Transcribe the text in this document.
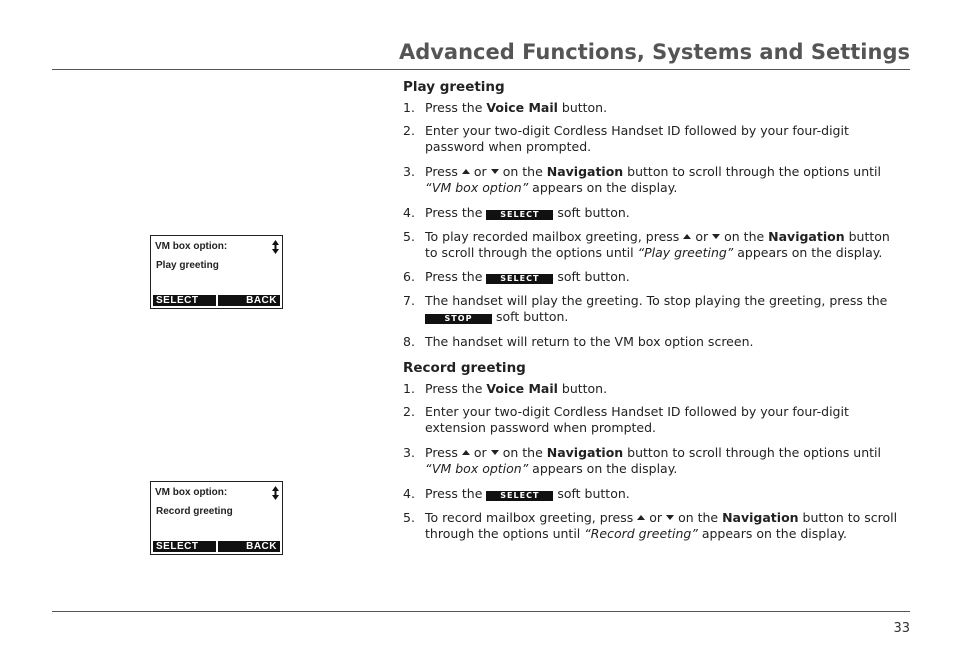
Advanced Functions, Systems and Settings
VM box option:
Play greeting
SELECT	BACK
VM box option:
Record greeting
SELECT	BACK
Play greeting
1. Press the Voice Mail button.
2. Enter your two-digit Cordless Handset ID followed by your four-digit password when prompted.
3. Press or on the Navigation button to scroll through the options until “VM box option” appears on the display.
4. Press the SELECT soft button.
5. To play recorded mailbox greeting, press or on the Navigation button to scroll through the options until “Play greeting” appears on the display.
6. Press the SELECT soft button.
7. The handset will play the greeting. To stop playing the greeting, press the
STOP soft button.
8. The handset will return to the VM box option screen.
Record greeting
1. Press the Voice Mail button.
2. Enter your two-digit Cordless Handset ID followed by your four-digit extension password when prompted.
3. Press or on the Navigation button to scroll through the options until “VM box option” appears on the display.
4. Press the SELECT soft button.
5. To record mailbox greeting, press or on the Navigation button to scroll through the options until “Record greeting” appears on the display.
33
